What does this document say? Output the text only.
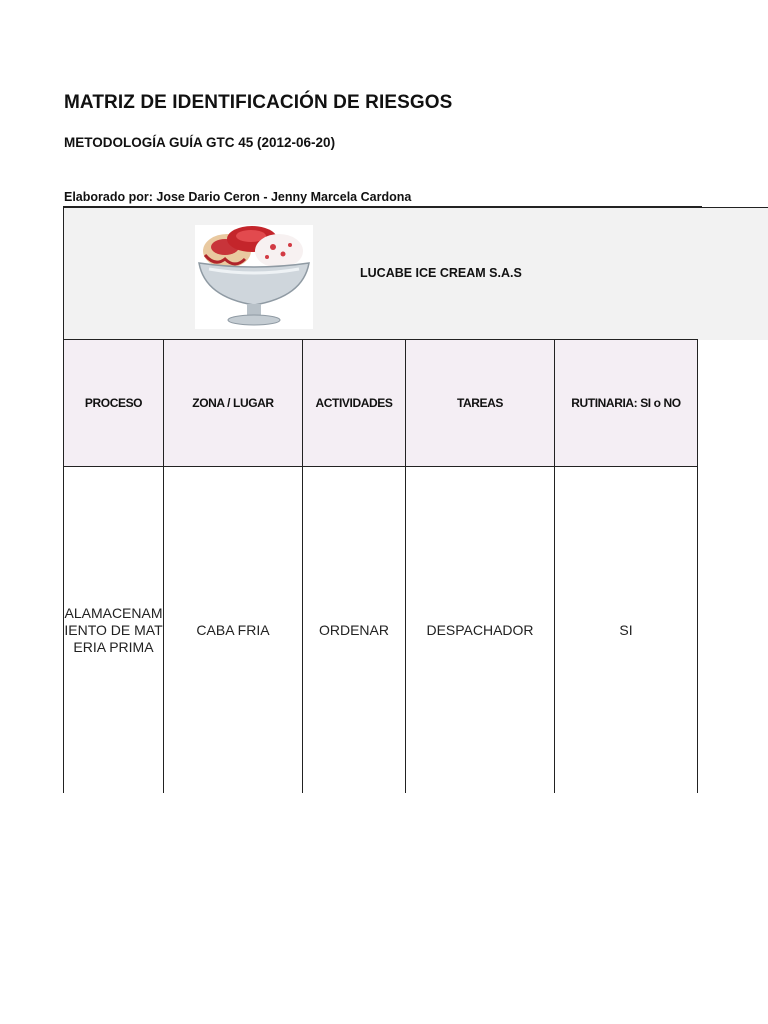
MATRIZ DE IDENTIFICACIÓN DE RIESGOS

METODOLOGÍA GUÍA GTC 45 (2012-06-20)

Elaborado por: Jose Dario Ceron - Jenny Marcela Cardona

LUCABE ICE CREAM S.A.S

PROCESO	ZONA / LUGAR	ACTIVIDADES	TAREAS	RUTINARIA: SI o NO
ALAMACENAMIENTO DE MATERIA PRIMA	CABA FRIA	ORDENAR	DESPACHADOR	SI
